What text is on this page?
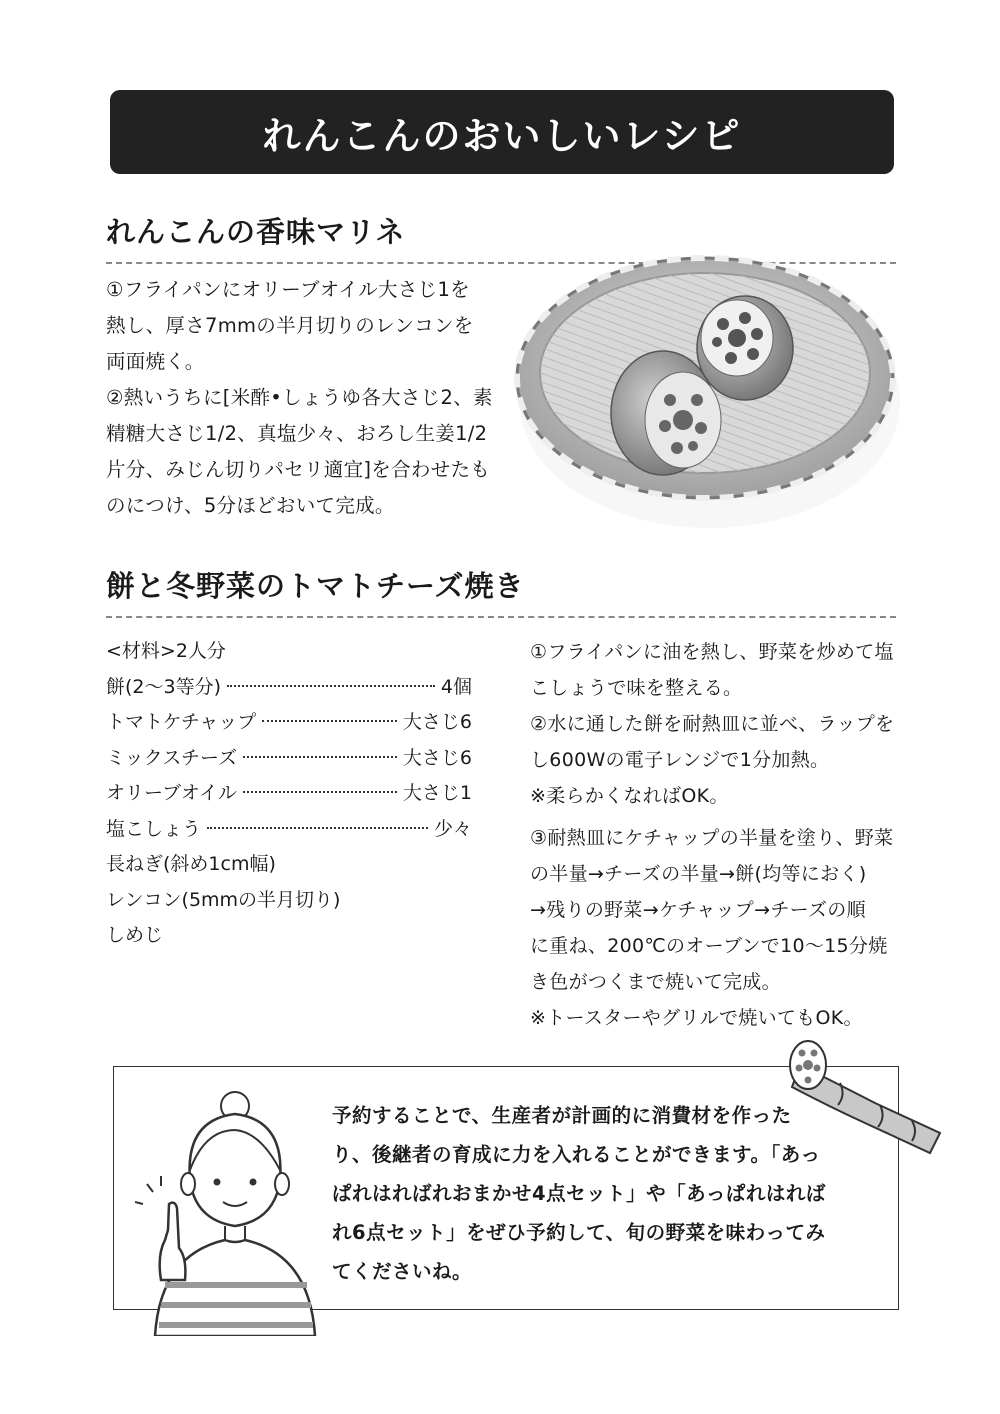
れんこんのおいしいレシピ
れんこんの香味マリネ
①フライパンにオリーブオイル大さじ1を
熱し、厚さ7mmの半月切りのレンコンを
両面焼く。
②熱いうちに[米酢•しょうゆ各大さじ2、素
精糖大さじ1/2、真塩少々、おろし生姜1/2
片分、みじん切りパセリ適宜]を合わせたも
のにつけ、5分ほどおいて完成。
餅と冬野菜のトマトチーズ焼き
<材料>2人分
餅(2〜3等分)	4個
トマトケチャップ	大さじ6
ミックスチーズ	大さじ6
オリーブオイル	大さじ1
塩こしょう	少々
長ねぎ(斜め1cm幅)
レンコン(5mmの半月切り)
しめじ
①フライパンに油を熱し、野菜を炒めて塩
こしょうで味を整える。
②水に通した餅を耐熱皿に並べ、ラップを
し600Wの電子レンジで1分加熱。
※柔らかくなればOK。
③耐熱皿にケチャップの半量を塗り、野菜
の半量→チーズの半量→餅(均等におく)
→残りの野菜→ケチャップ→チーズの順
に重ね、200℃のオーブンで10〜15分焼
き色がつくまで焼いて完成。
※トースターやグリルで焼いてもOK。
予約することで、生産者が計画的に消費材を作った
り、後継者の育成に力を入れることができます。「あっ
ぱれはればれおまかせ4点セット」や「あっぱれはれば
れ6点セット」をぜひ予約して、旬の野菜を味わってみ
てくださいね。
